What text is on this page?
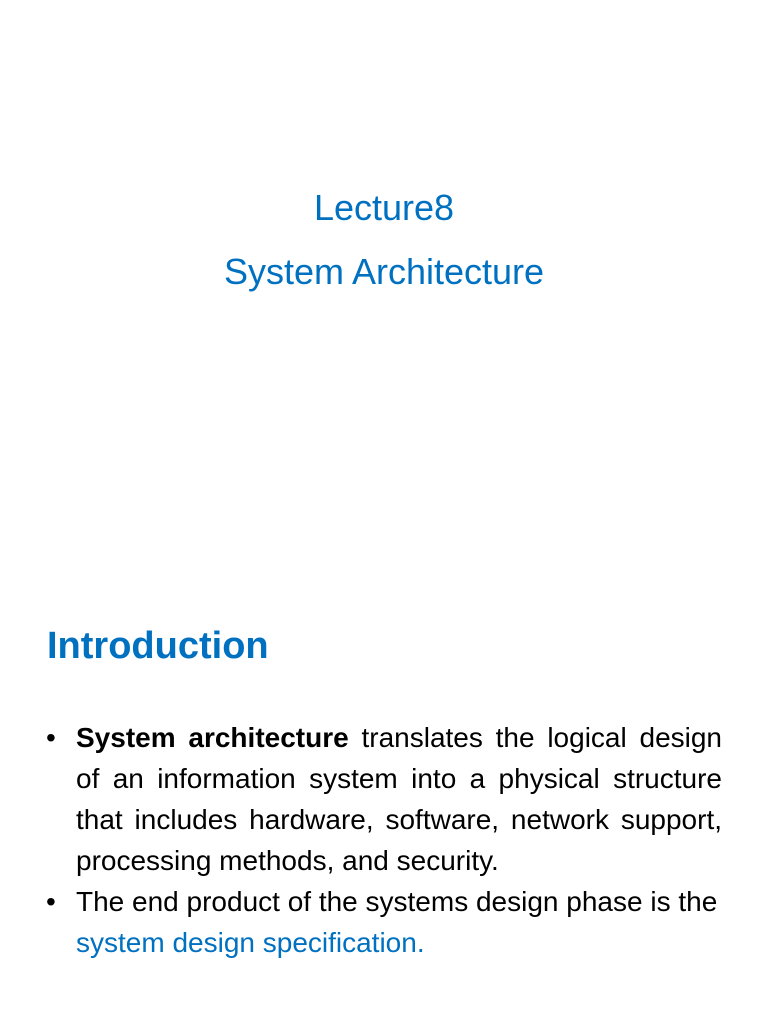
Lecture8
System Architecture
Introduction
• System architecture translates the logical design of an information system into a physical structure that includes hardware, software, network support, processing methods, and security.
• The end product of the systems design phase is the system design specification.
